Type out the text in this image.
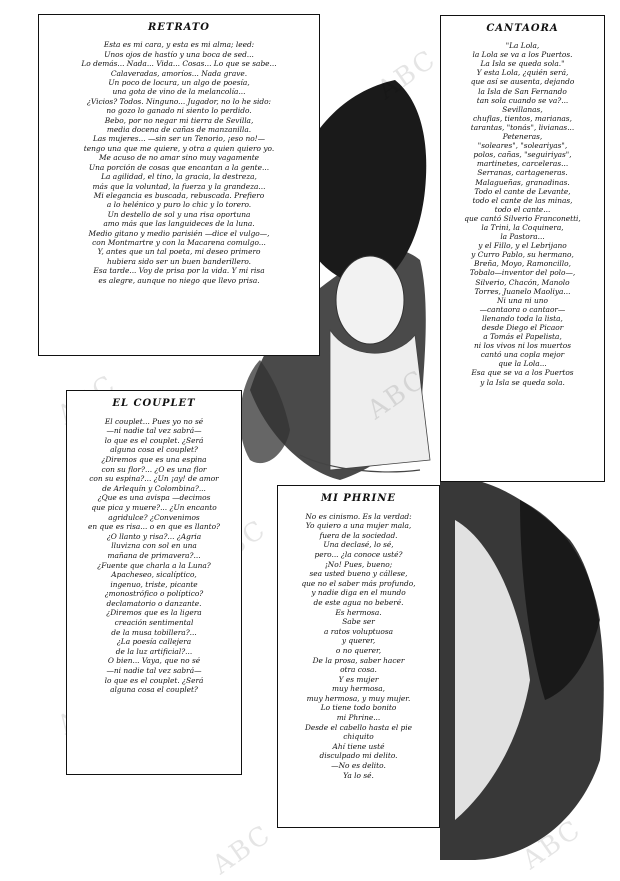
ABC
ABC	ABC
RETRATO

Esta es mi cara, y esta es mi alma; leed:
Unos ojos de hastío y una boca de sed...
Lo demás... Nada... Vida... Cosas... Lo que se sabe...
Calaveradas, amoríos... Nada grave.

Un poco de locura, un algo de poesía,
una gota de vino de la melancolía...
¿Vicios? Todos. Ninguno... Jugador, no lo he sido:
no gozo lo ganado ni siento lo perdido.
Bebo, por no negar mi tierra de Sevilla,
media docena de cañas de manzanilla.
Las mujeres... —sin ser un Tenorio, ¡eso no!—
tengo una que me quiere, y otra a quien quiero yo.

Me acuso de no amar sino muy vagamente
Una porción de cosas que encantan a la gente...
La agilidad, el tino, la gracia, la destreza,
más que la voluntad, la fuerza y la grandeza...
Mi elegancia es buscada, rebuscada. Prefiero
a lo helénico y puro lo chic y lo torero.
Un destello de sol y una risa oportuna
amo más que las languideces de la luna.
Medio gitano y medio parisién —dice el vulgo—,
con Montmartre y con la Macarena comulgo...
Y, antes que un tal poeta, mi deseo primero
hubiera sido ser un buen banderillero.

Esa tarde... Voy de prisa por la vida. Y mi risa
es alegre, aunque no niego que llevo prisa.

CANTAORA

"La Lola,
la Lola se va a los Puertos.
La Isla se queda sola."
Y esta Lola, ¿quién será,
que así se ausenta, dejando
la Isla de San Fernando
tan sola cuando se va?...

Sevillanas,
chuflas, tientos, marianas,
tarantas, "tonás", livianas...
Peteneras,
"soleares", "soleariyas",
polos, cañas, "seguiriyas",
martinetes, carceleras...
Serranas, cartageneras.
Malagueñas, granadinas.
Todo el cante de Levante,
todo el cante de las minas,
todo el cante...
que cantó Silverio Franconetti,
la Trini, la Coquinera,
la Pastora...
y el Fillo, y el Lebrijano
y Curro Pablo, su hermano,
Breña, Moyo, Ramoncillo,
Tobalo—inventor del polo—,
Silverio, Chacón, Manolo
Torres, Juanelo Maoliya...

Ni una ni uno
—cantaora o cantaor—
llenando toda la lista,
desde Diego el Picaor
a Tomás el Papelista,
ni los vivos ni los muertos
cantó una copla mejor
que la Lola...
Esa que se va a los Puertos
y la Isla se queda sola.

EL COUPLET

El couplet... Pues yo no sé
—ni nadie tal vez sabrá—
lo que es el couplet. ¿Será
alguna cosa el couplet?

¿Diremos que es una espina
con su flor?... ¿O es una flor
con su espina?... ¿Un ¡ay! de amor
de Arlequín y Colombina?...

¿Que es una avispa —decimos
que pica y muere?... ¿Un encanto
agridulce? ¿Convenimos
en que es risa... o en que es llanto?

¿O llanto y risa?... ¿Agria
lluvizna con sol en una
mañana de primavera?...
¿Fuente que charla a la Luna?

Apacheseo, sicalíptico,
ingenuo, triste, picante
¿monostrófico o políptico?
declamatorio o danzante.

¿Diremos que es la ligera
creación sentimental
de la musa tobillera?...
¿La poesía callejera
de la luz artificial?...

O bien... Vaya, que no sé
—ni nadie tal vez sabrá—
lo que es el couplet. ¿Será
alguna cosa el couplet?

MI PHRINE

No es cinismo. Es la verdad:
Yo quiero a una mujer mala,
fuera de la sociedad.
Una declasé, lo sé,
pero... ¿la conoce usté?
¡No! Pues, bueno;
sea usted bueno y cállese,
que no el saber más profundo,
y nadie diga en el mundo
de este agua no beberé.

Es hermosa.
Sabe ser
a ratos voluptuosa
y querer,
o no querer,
De la prosa, saber hacer
otra cosa.
Y es mujer
muy hermosa,
muy hermosa, y muy mujer.
Lo tiene todo bonito
mi Phrine...
Desde el cabello hasta el pie
chiquito
Ahí tiene usté
disculpado mi delito.
—No es delito.
Ya lo sé.
